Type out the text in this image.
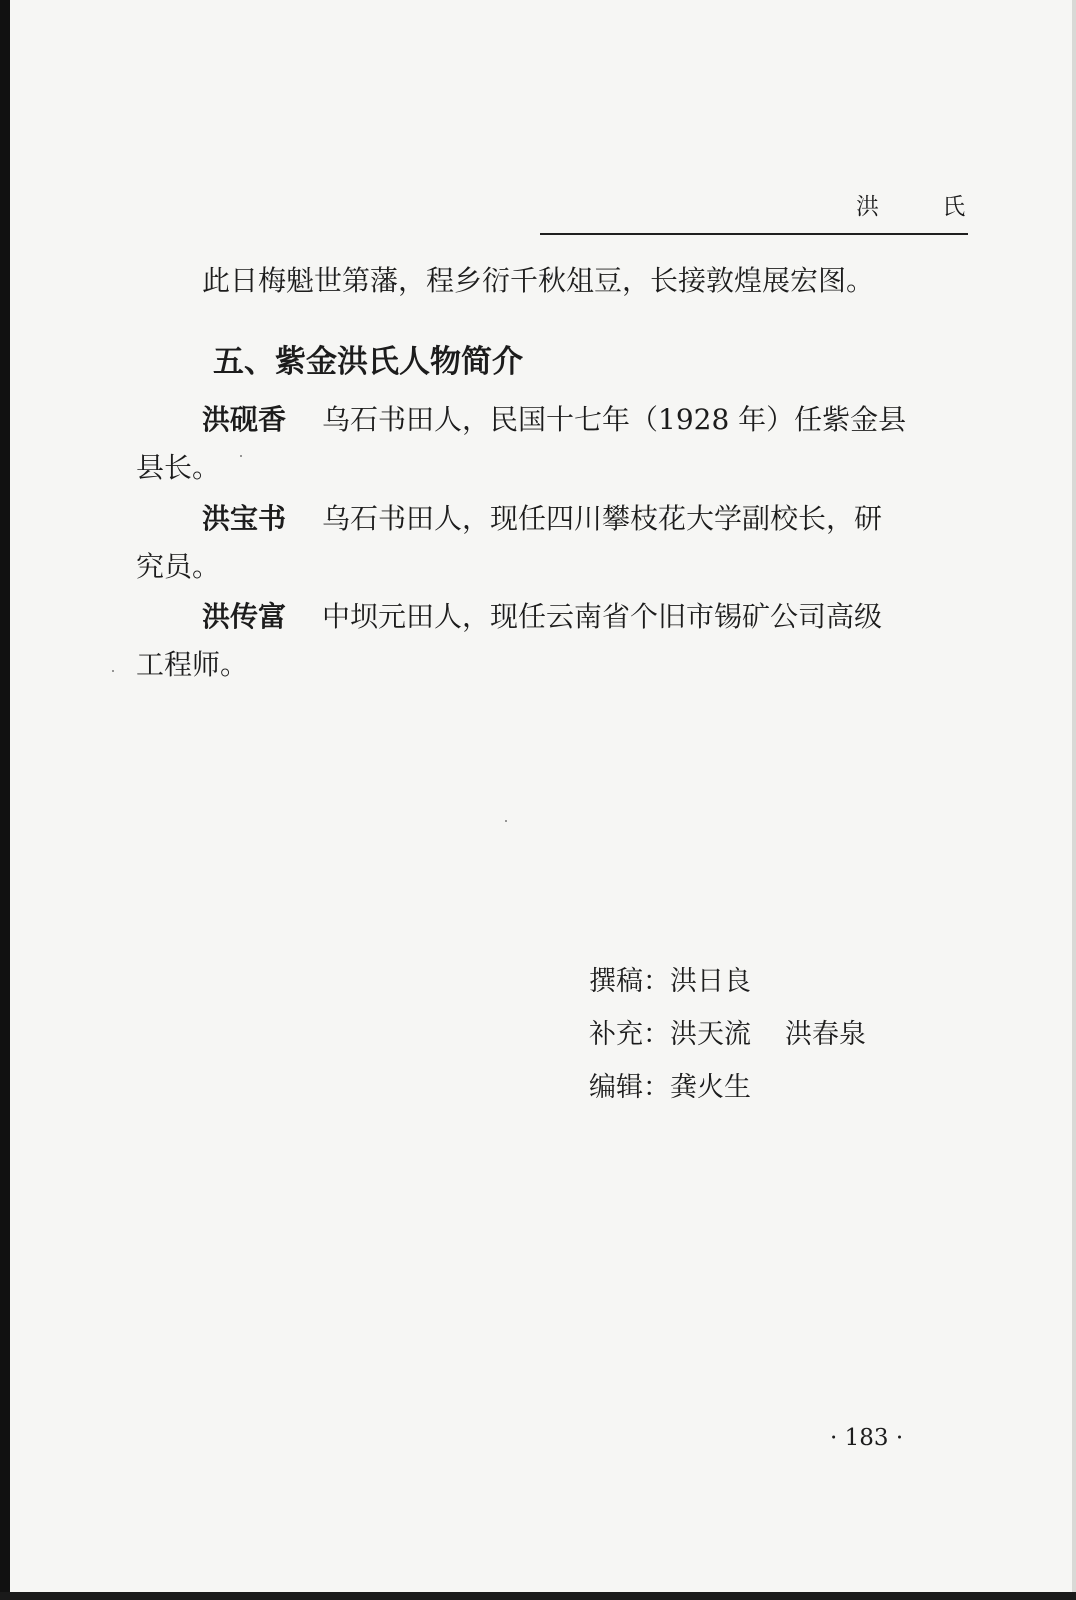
洪 氏
此日梅魁世第藩，程乡衍千秋俎豆，长接敦煌展宏图。
五、紫金洪氏人物简介
洪砚香 乌石书田人，民国十七年（1928 年）任紫金县
县长。
洪宝书 乌石书田人，现任四川攀枝花大学副校长，研
究员。
洪传富 中坝元田人，现任云南省个旧市锡矿公司高级
工程师。
撰稿：洪日良
补充：洪天流 洪春泉
编辑：龚火生
· 183 ·
